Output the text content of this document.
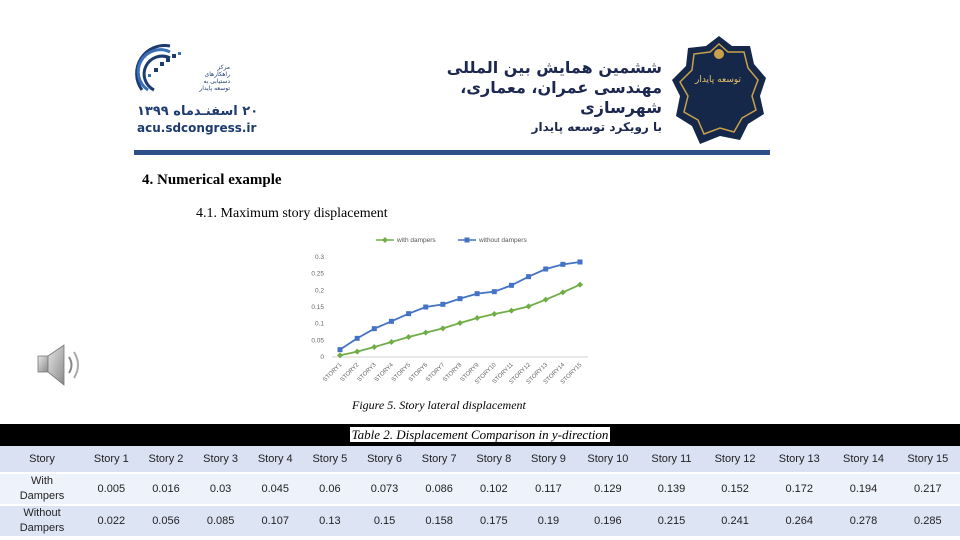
مرکز راهکارهای دستیابی به توسعه پایدار
۲۰ اسفنـدماه ۱۳۹۹
acu.sdcongress.ir
ششمین همایش بین المللی
مهندسی عمران، معماری، شهرسازی
با رویکرد توسعه پایدار
توسعه پایدار
4. Numerical example
4.1. Maximum story displacement
0
0.05
0.1
0.15
0.2
0.25
0.3
STORY1
STORY2
STORY3
STORY4
STORY5
STORY6
STORY7
STORY8
STORY9
STORY10
STORY11
STORY12
STORY13
STORY14
STORY15
with dampers	without dampers
Figure 5. Story lateral displacement
Table 2. Displacement Comparison in y-direction
Story	Story 1	Story 2	Story 3	Story 4	Story 5	Story 6	Story 7	Story 8	Story 9	Story 10	Story 11	Story 12	Story 13	Story 14	Story 15

With
Dampers	0.005	0.016	0.03	0.045	0.06	0.073	0.086	0.102	0.117	0.129	0.139	0.152	0.172	0.194	0.217

Without
Dampers	0.022	0.056	0.085	0.107	0.13	0.15	0.158	0.175	0.19	0.196	0.215	0.241	0.264	0.278	0.285
